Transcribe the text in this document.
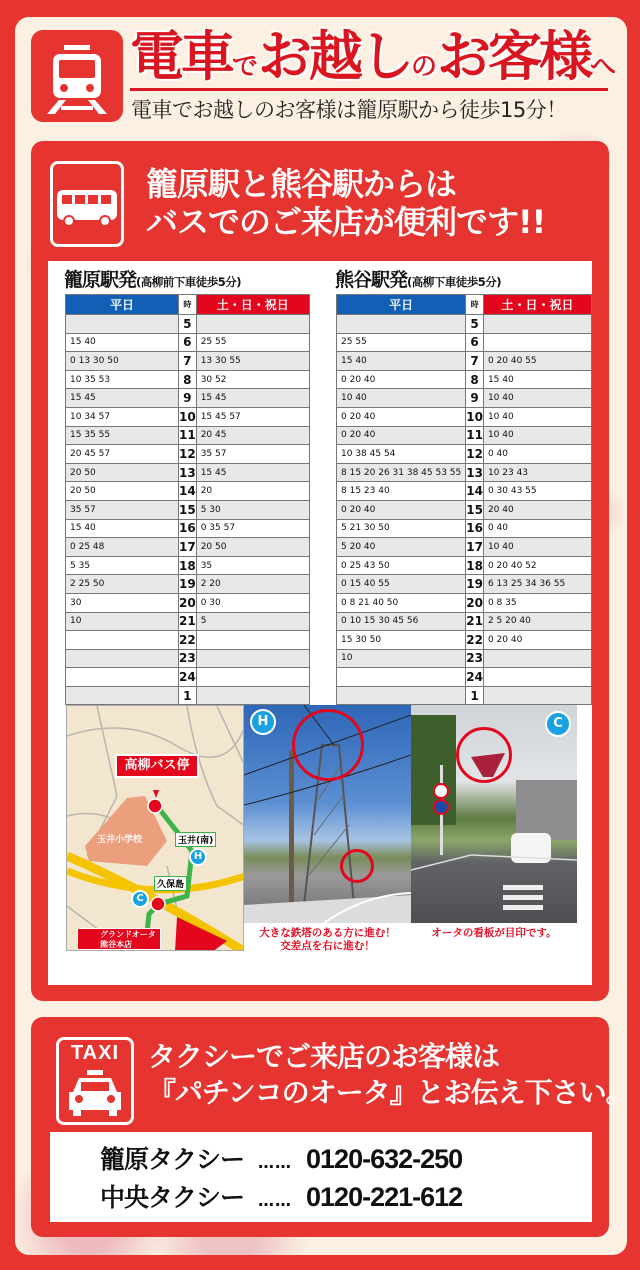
電車でお越しのお客様へ
電車でお越しのお客様は籠原駅から徒歩15分！
籠原駅と熊谷駅からは
バスでのご来店が便利です!!
籠原駅発(高柳前下車徒歩5分)
平日	時	土・日・祝日
	5	
15 40	6	25 55
0 13 30 50	7	13 30 55
10 35 53	8	30 52
15 45	9	15 45
10 34 57	10	15 45 57
15 35 55	11	20 45
20 45 57	12	35 57
20 50	13	15 45
20 50	14	20
35 57	15	5 30
15 40	16	0 35 57
0 25 48	17	20 50
5 35	18	35
2 25 50	19	2 20
30	20	0 30
10	21	5
	22	
	23	
	24	
	1	
熊谷駅発(高柳下車徒歩5分)
平日	時	土・日・祝日
	5	
25 55	6	
15 40	7	0 20 40 55
0 20 40	8	15 40
10 40	9	10 40
0 20 40	10	10 40
0 20 40	11	10 40
10 38 45 54	12	0 40
8 15 20 26 31 38 45 53 55	13	10 23 43
8 15 23 40	14	0 30 43 55
0 20 40	15	20 40
5 21 30 50	16	0 40
5 20 40	17	10 40
0 25 43 50	18	0 20 40 52
0 15 40 55	19	6 13 25 34 36 55
0 8 21 40 50	20	0 8 35
0 10 15 30 45 56	21	2 5 20 40
15 30 50	22	0 20 40
10	23	
	24	
	1	
高柳バス停
玉井小学校	玉井(南)
久保島
H
C
グランドオータ
熊谷本店
H
大きな鉄塔のある方に進む！
交差点を右に進む！
C
オータの看板が目印です。
TAXI	タクシーでご来店のお客様は
『パチンコのオータ』とお伝え下さい。
籠原タクシー …… 0120-632-250
中央タクシー …… 0120-221-612
